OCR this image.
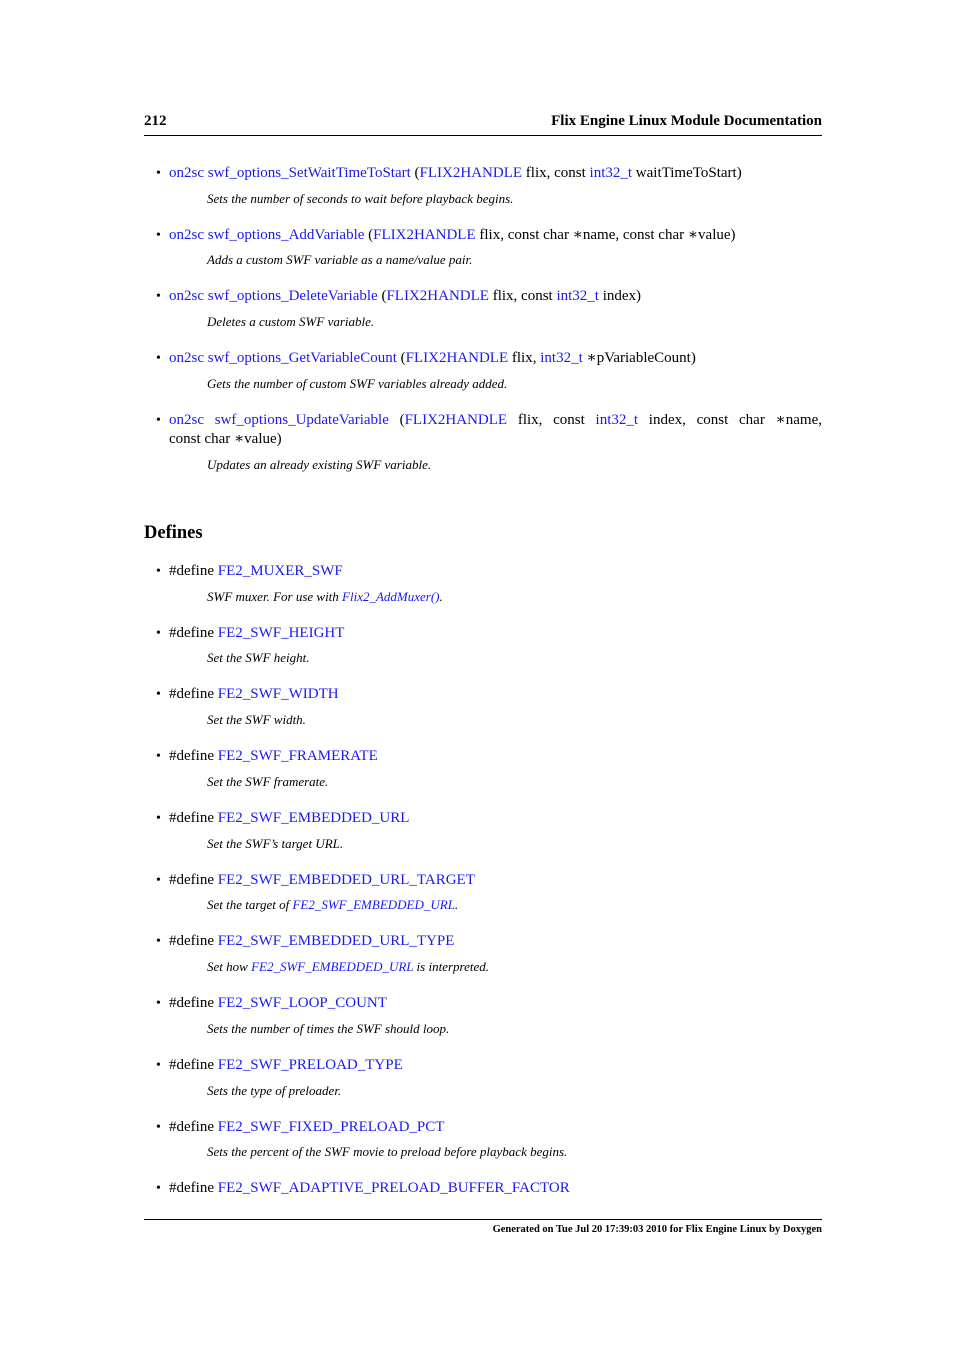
212	Flix Engine Linux Module Documentation
• on2sc swf_options_SetWaitTimeToStart (FLIX2HANDLE flix, const int32_t waitTimeToStart)
Sets the number of seconds to wait before playback begins.
• on2sc swf_options_AddVariable (FLIX2HANDLE flix, const char ∗name, const char ∗value)
Adds a custom SWF variable as a name/value pair.
• on2sc swf_options_DeleteVariable (FLIX2HANDLE flix, const int32_t index)
Deletes a custom SWF variable.
• on2sc swf_options_GetVariableCount (FLIX2HANDLE flix, int32_t ∗pVariableCount)
Gets the number of custom SWF variables already added.
• on2sc swf_options_UpdateVariable (FLIX2HANDLE flix, const int32_t index, const char ∗name,
const char ∗value)
Updates an already existing SWF variable.
Defines
• #define FE2_MUXER_SWF
SWF muxer. For use with Flix2_AddMuxer().
• #define FE2_SWF_HEIGHT
Set the SWF height.
• #define FE2_SWF_WIDTH
Set the SWF width.
• #define FE2_SWF_FRAMERATE
Set the SWF framerate.
• #define FE2_SWF_EMBEDDED_URL
Set the SWF’s target URL.
• #define FE2_SWF_EMBEDDED_URL_TARGET
Set the target of FE2_SWF_EMBEDDED_URL.
• #define FE2_SWF_EMBEDDED_URL_TYPE
Set how FE2_SWF_EMBEDDED_URL is interpreted.
• #define FE2_SWF_LOOP_COUNT
Sets the number of times the SWF should loop.
• #define FE2_SWF_PRELOAD_TYPE
Sets the type of preloader.
• #define FE2_SWF_FIXED_PRELOAD_PCT
Sets the percent of the SWF movie to preload before playback begins.
• #define FE2_SWF_ADAPTIVE_PRELOAD_BUFFER_FACTOR
Generated on Tue Jul 20 17:39:03 2010 for Flix Engine Linux by Doxygen
